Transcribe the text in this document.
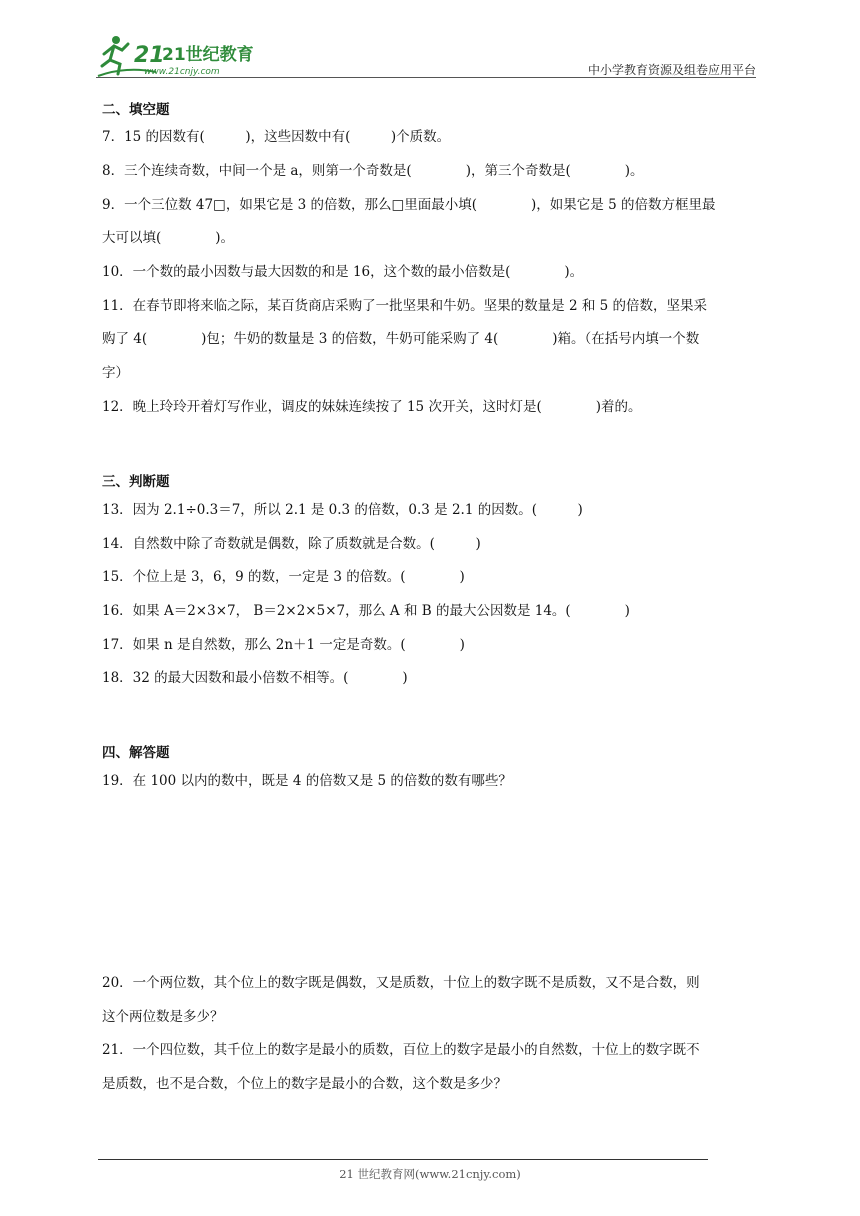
21
21世纪教育
www.21cnjy.com	中小学教育资源及组卷应用平台
二、填空题
7．15 的因数有(　　　)，这些因数中有(　　　)个质数。
8．三个连续奇数，中间一个是 a，则第一个奇数是(　　　　)，第三个奇数是(　　　　)。
9．一个三位数 47□，如果它是 3 的倍数，那么□里面最小填(　　　　)，如果它是 5 的倍数方框里最
大可以填(　　　　)。
10．一个数的最小因数与最大因数的和是 16，这个数的最小倍数是(　　　　)。
11．在春节即将来临之际，某百货商店采购了一批坚果和牛奶。坚果的数量是 2 和 5 的倍数，坚果采
购了 4(　　　　)包；牛奶的数量是 3 的倍数，牛奶可能采购了 4(　　　　)箱。（在括号内填一个数
字）
12．晚上玲玲开着灯写作业，调皮的妹妹连续按了 15 次开关，这时灯是(　　　　)着的。
三、判断题
13．因为 2.1÷0.3＝7，所以 2.1 是 0.3 的倍数，0.3 是 2.1 的因数。(　　　)
14．自然数中除了奇数就是偶数，除了质数就是合数。(　　　)
15．个位上是 3，6，9 的数，一定是 3 的倍数。(　　　　)
16．如果 A＝2×3×7， B＝2×2×5×7，那么 A 和 B 的最大公因数是 14。(　　　　)
17．如果 n 是自然数，那么 2n＋1 一定是奇数。(　　　　)
18．32 的最大因数和最小倍数不相等。(　　　　)
四、解答题
19．在 100 以内的数中，既是 4 的倍数又是 5 的倍数的数有哪些？
20．一个两位数，其个位上的数字既是偶数，又是质数，十位上的数字既不是质数，又不是合数，则
这个两位数是多少？
21．一个四位数，其千位上的数字是最小的质数，百位上的数字是最小的自然数，十位上的数字既不
是质数，也不是合数，个位上的数字是最小的合数，这个数是多少？
21 世纪教育网(www.21cnjy.com)
